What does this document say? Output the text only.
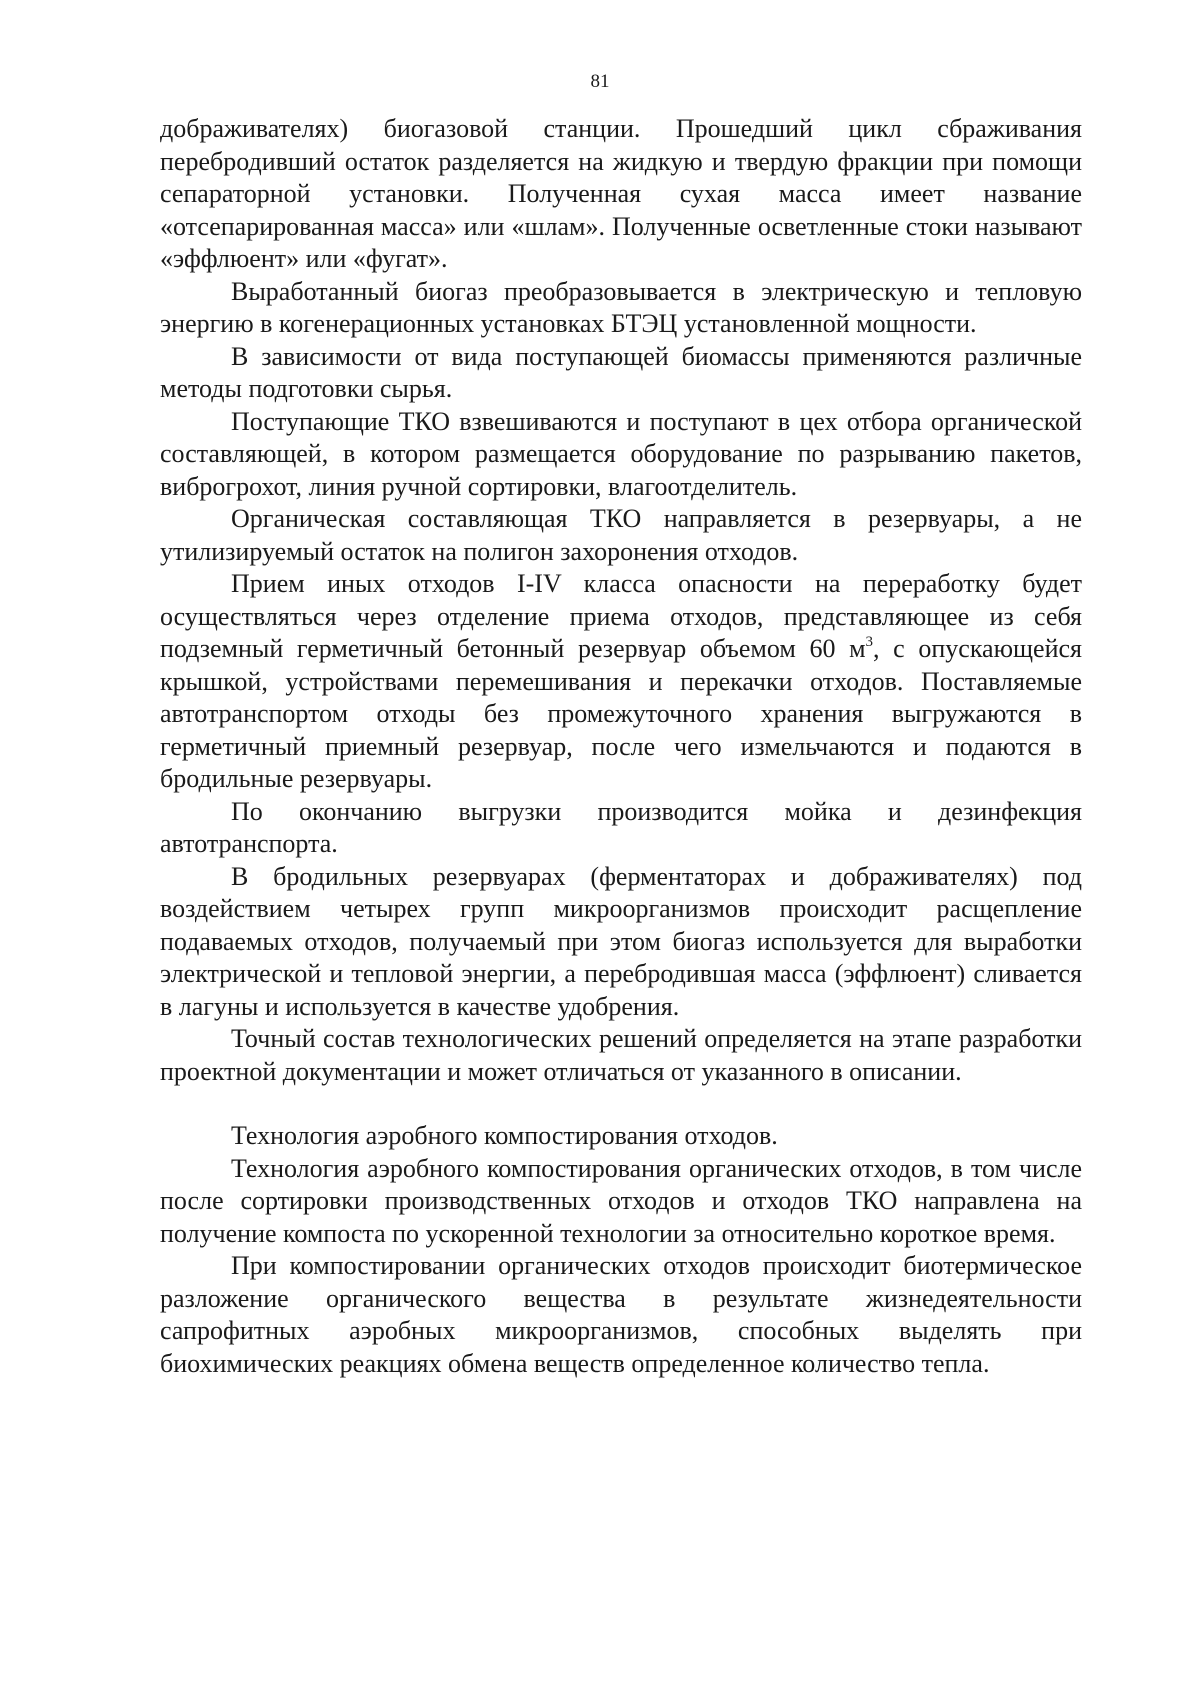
81

дображивателях) биогазовой станции. Прошедший цикл сбраживания перебродивший остаток разделяется на жидкую и твердую фракции при помощи сепараторной установки. Полученная сухая масса имеет название «отсепарированная масса» или «шлам». Полученные осветленные стоки называют «эффлюент» или «фугат».

Выработанный биогаз преобразовывается в электрическую и тепловую энергию в когенерационных установках БТЭЦ установленной мощности.

В зависимости от вида поступающей биомассы применяются различные методы подготовки сырья.

Поступающие ТКО взвешиваются и поступают в цех отбора органической составляющей, в котором размещается оборудование по разрыванию пакетов, виброгрохот, линия ручной сортировки, влагоотделитель.

Органическая составляющая ТКО направляется в резервуары, а не утилизируемый остаток на полигон захоронения отходов.

Прием иных отходов I-IV класса опасности на переработку будет осуществляться через отделение приема отходов, представляющее из себя подземный герметичный бетонный резервуар объемом 60 $м^3$, с опускающейся крышкой, устройствами перемешивания и перекачки отходов. Поставляемые автотранспортом отходы без промежуточного хранения выгружаются в герметичный приемный резервуар, после чего измельчаются и подаются в бродильные резервуары.

По окончанию выгрузки производится мойка и дезинфекция автотранспорта.

В бродильных резервуарах (ферментаторах и дображивателях) под воздействием четырех групп микроорганизмов происходит расщепление подаваемых отходов, получаемый при этом биогаз используется для выработки электрической и тепловой энергии, а перебродившая масса (эффлюент) сливается в лагуны и используется в качестве удобрения.

Точный состав технологических решений определяется на этапе разработки проектной документации и может отличаться от указанного в описании.

Технология аэробного компостирования отходов.

Технология аэробного компостирования органических отходов, в том числе после сортировки производственных отходов и отходов ТКО направлена на получение компоста по ускоренной технологии за относительно короткое время.

При компостировании органических отходов происходит биотермическое разложение органического вещества в результате жизнедеятельности сапрофитных аэробных микроорганизмов, способных выделять при биохимических реакциях обмена веществ определенное количество тепла.
